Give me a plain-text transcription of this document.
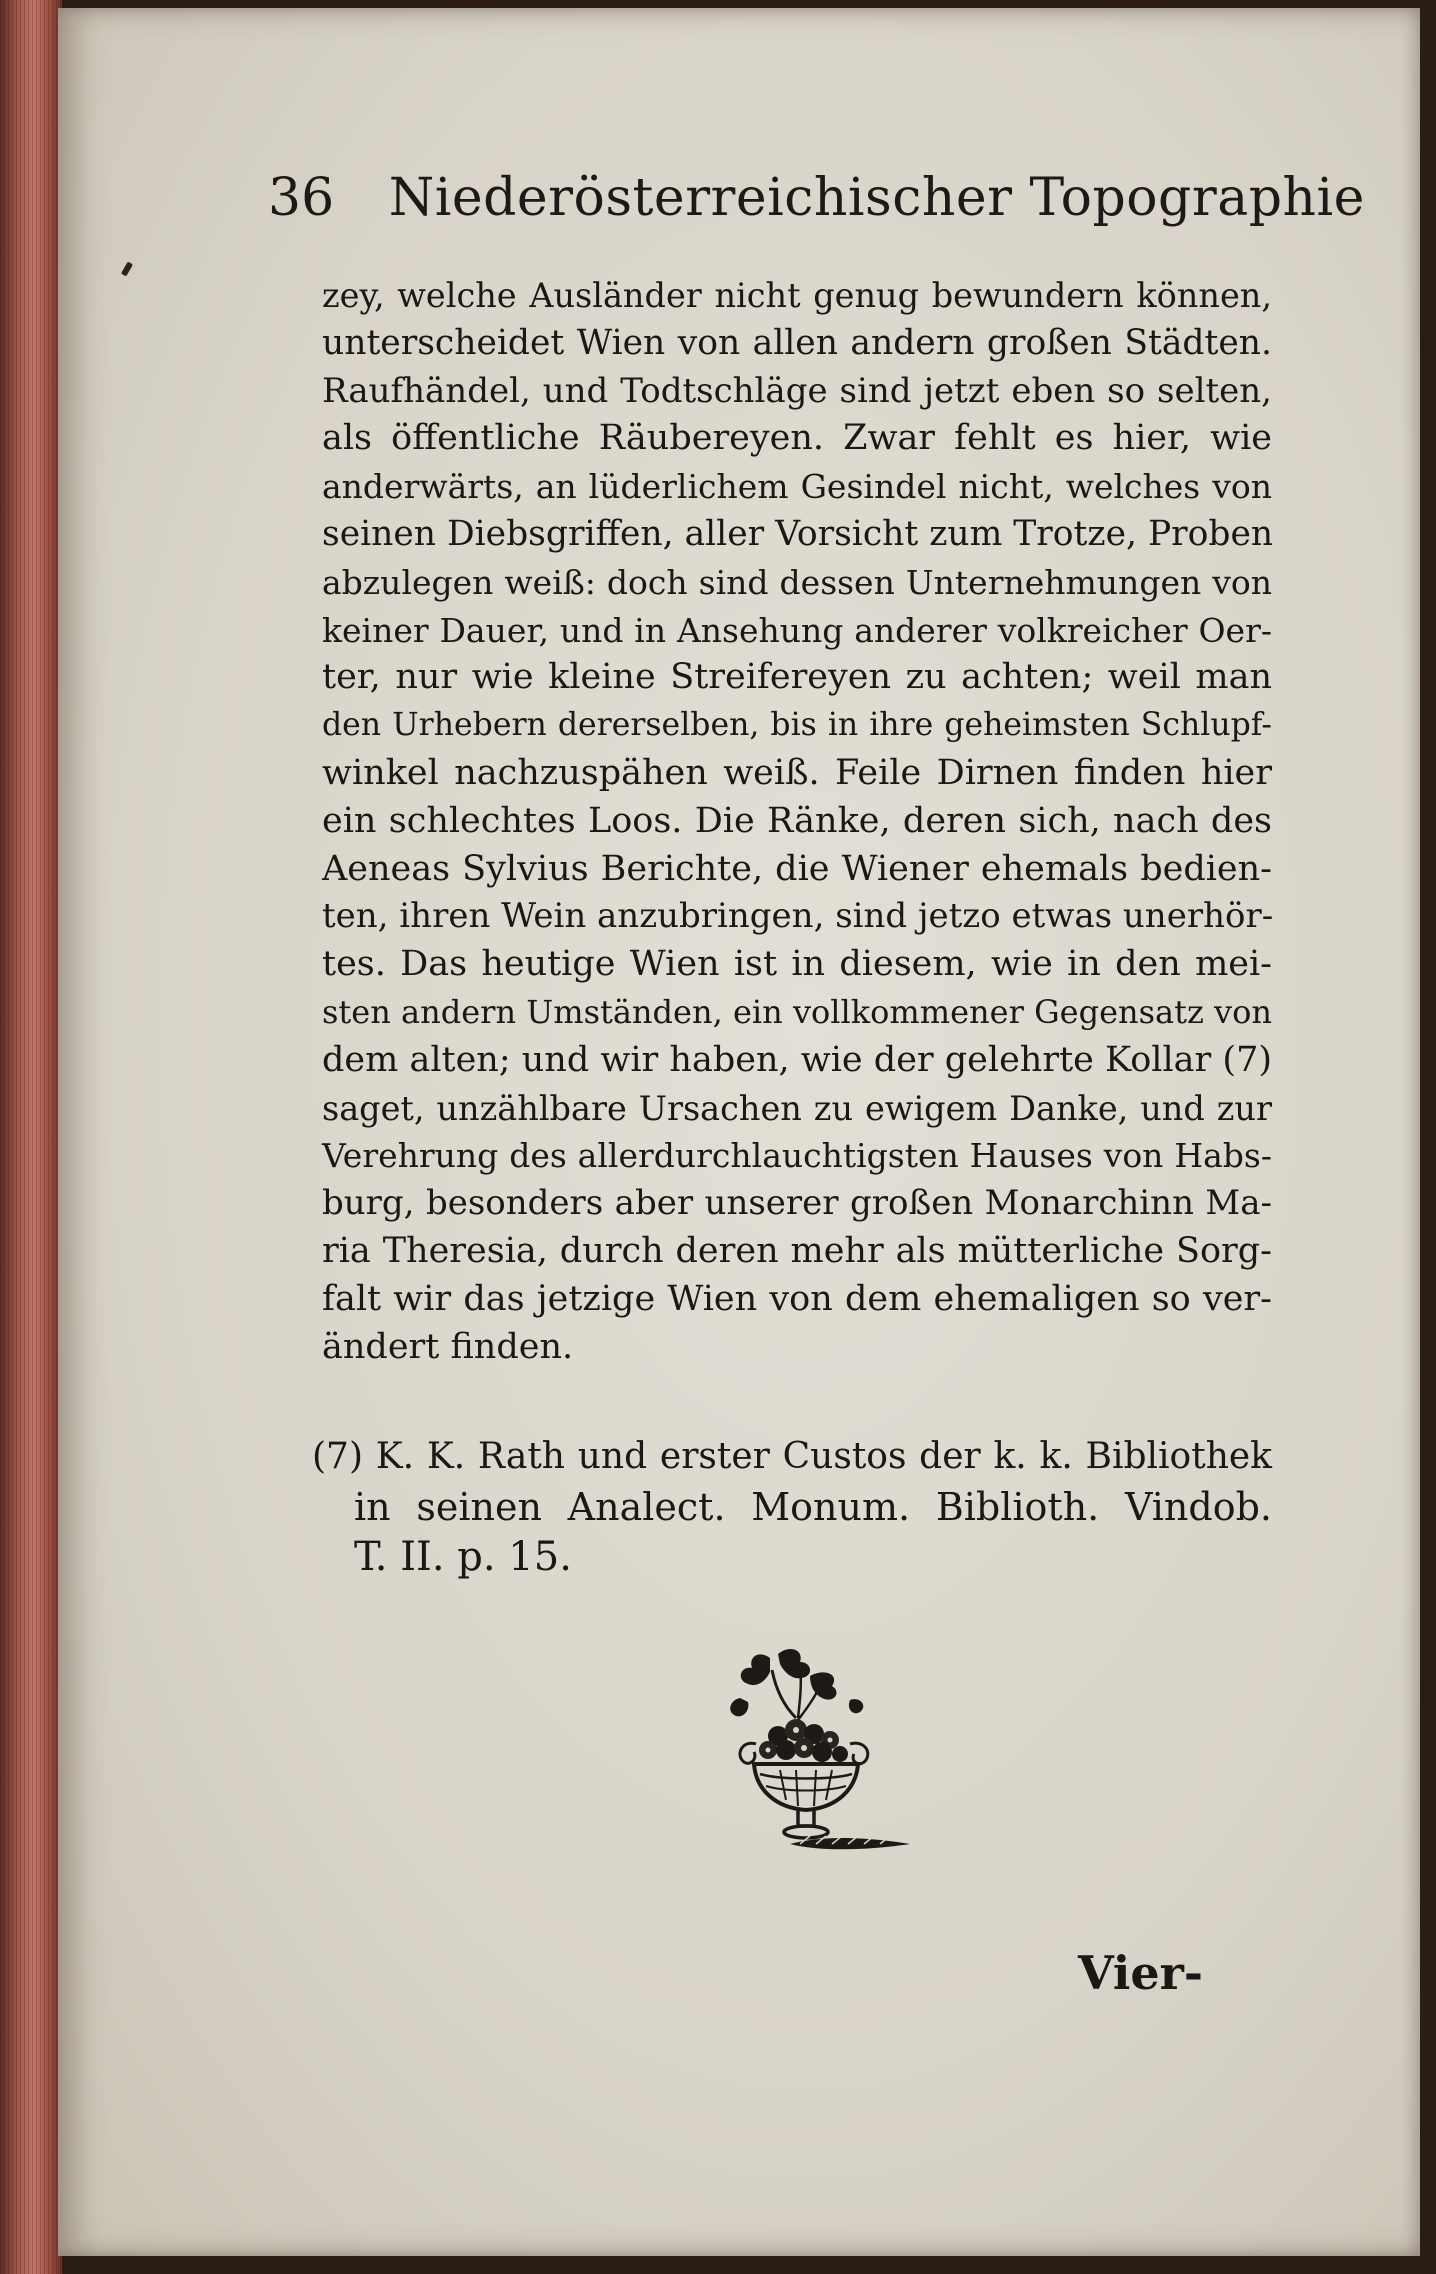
36 Niederösterreichischer Topographie
zey, welche Ausländer nicht genug bewundern können,
unterscheidet Wien von allen andern großen Städten.
Raufhändel, und Todtschläge sind jetzt eben so selten,
als öffentliche Räubereyen. Zwar fehlt es hier, wie
anderwärts, an lüderlichem Gesindel nicht, welches von
seinen Diebsgriffen, aller Vorsicht zum Trotze, Proben
abzulegen weiß: doch sind dessen Unternehmungen von
keiner Dauer, und in Ansehung anderer volkreicher Oer-
ter, nur wie kleine Streifereyen zu achten; weil man
den Urhebern dererselben, bis in ihre geheimsten Schlupf-
winkel nachzuspähen weiß. Feile Dirnen finden hier
ein schlechtes Loos. Die Ränke, deren sich, nach des
Aeneas Sylvius Berichte, die Wiener ehemals bedien-
ten, ihren Wein anzubringen, sind jetzo etwas unerhör-
tes. Das heutige Wien ist in diesem, wie in den mei-
sten andern Umständen, ein vollkommener Gegensatz von
dem alten; und wir haben, wie der gelehrte Kollar (7)
saget, unzählbare Ursachen zu ewigem Danke, und zur
Verehrung des allerdurchlauchtigsten Hauses von Habs-
burg, besonders aber unserer großen Monarchinn Ma-
ria Theresia, durch deren mehr als mütterliche Sorg-
falt wir das jetzige Wien von dem ehemaligen so ver-
ändert finden.
(7) K. K. Rath und erster Custos der k. k. Bibliothek
in seinen Analect. Monum. Biblioth. Vindob.
T. II. p. 15.
Vier-
